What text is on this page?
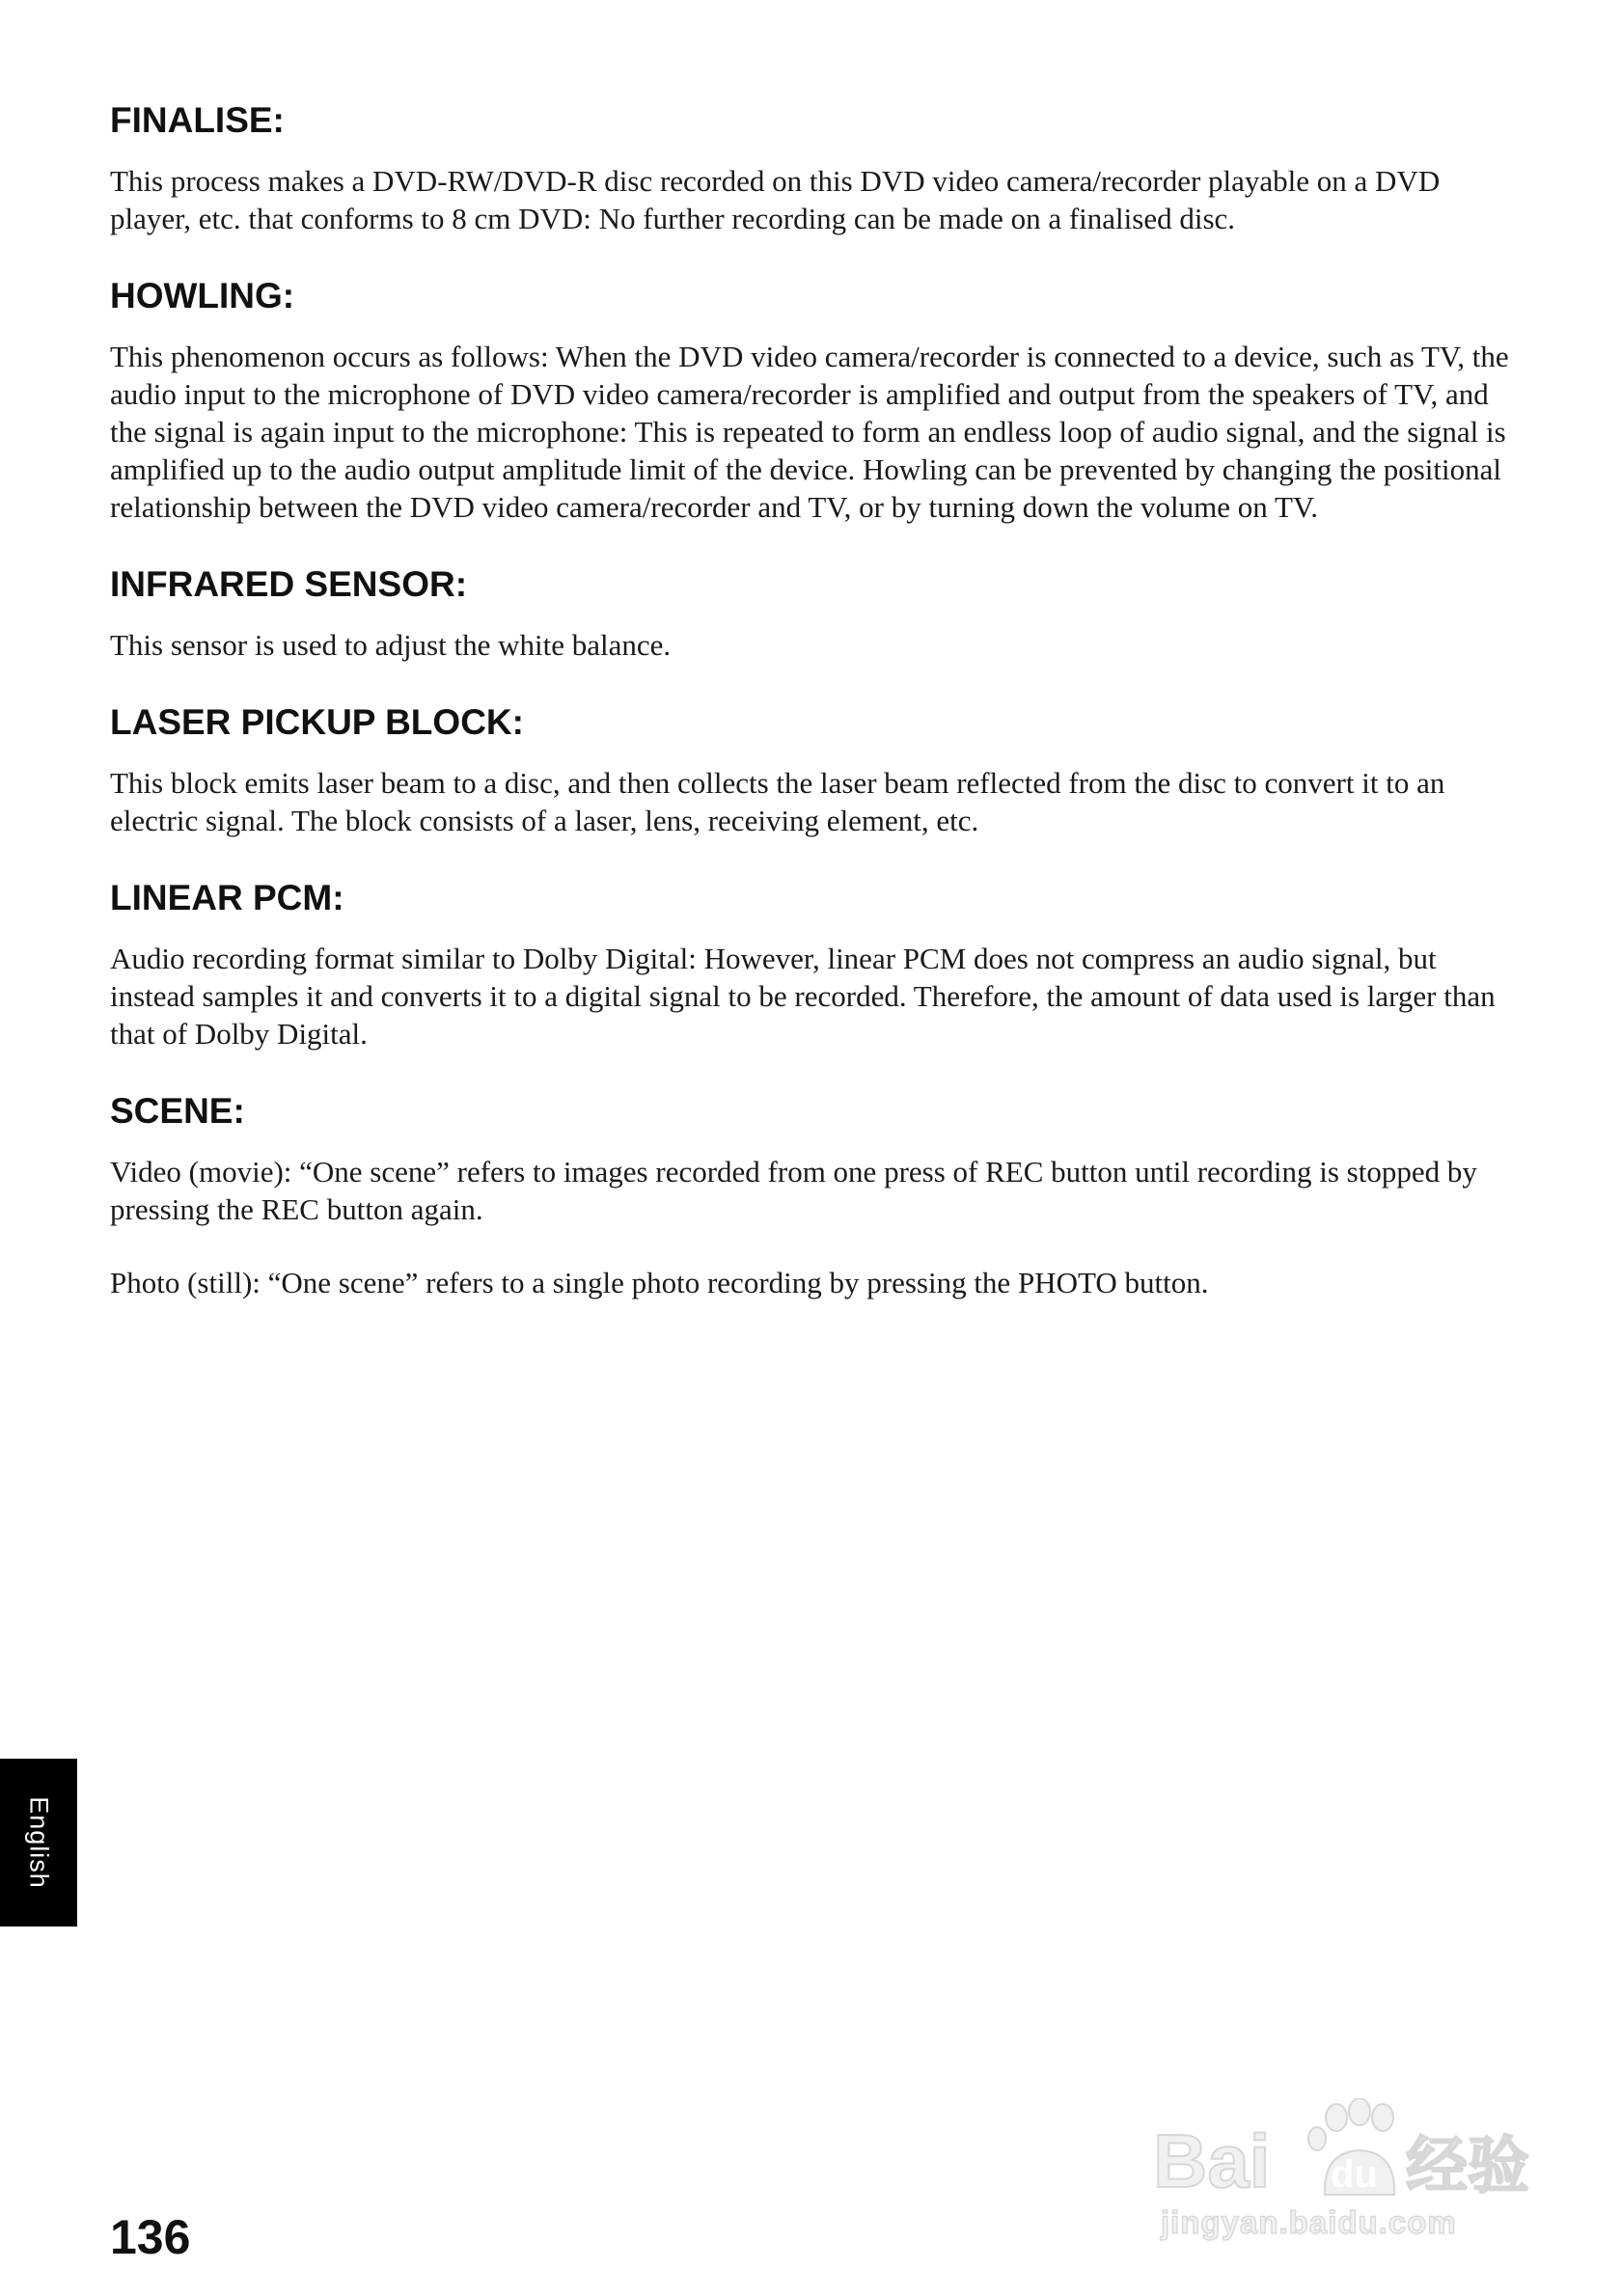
FINALISE:

This process makes a DVD-RW/DVD-R disc recorded on this DVD video camera/recorder playable on a DVD player, etc. that conforms to 8 cm DVD: No further recording can be made on a finalised disc.

HOWLING:

This phenomenon occurs as follows: When the DVD video camera/recorder is connected to a device, such as TV, the audio input to the microphone of DVD video camera/recorder is amplified and output from the speakers of TV, and the signal is again input to the microphone: This is repeated to form an endless loop of audio signal, and the signal is amplified up to the audio output amplitude limit of the device. Howling can be prevented by changing the positional relationship between the DVD video camera/recorder and TV, or by turning down the volume on TV.

INFRARED SENSOR:

This sensor is used to adjust the white balance.

LASER PICKUP BLOCK:

This block emits laser beam to a disc, and then collects the laser beam reflected from the disc to convert it to an electric signal. The block consists of a laser, lens, receiving element, etc.

LINEAR PCM:

Audio recording format similar to Dolby Digital: However, linear PCM does not compress an audio signal, but instead samples it and converts it to a digital signal to be recorded. Therefore, the amount of data used is larger than that of Dolby Digital.

SCENE:

Video (movie): “One scene” refers to images recorded from one press of REC button until recording is stopped by pressing the REC button again.

Photo (still): “One scene” refers to a single photo recording by pressing the PHOTO button.

English
136
Bai 经验
du
jingyan.baidu.com
